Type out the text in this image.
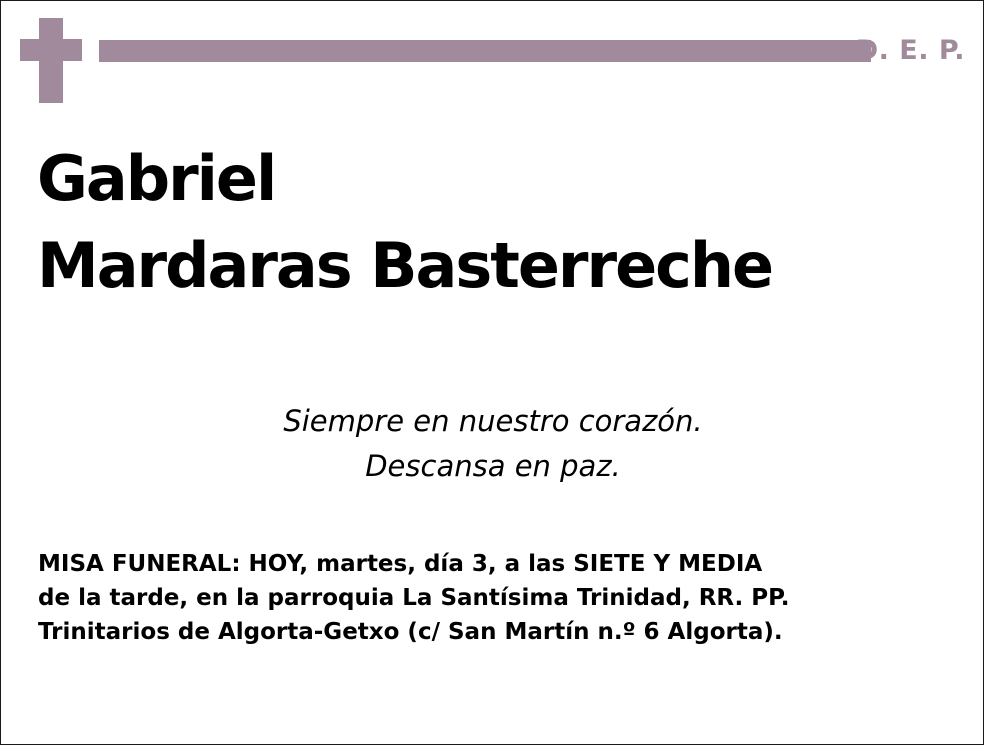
D. E. P.
Gabriel
Mardaras Basterreche
Siempre en nuestro corazón.
Descansa en paz.
MISA FUNERAL: HOY, martes, día 3, a las SIETE Y MEDIA
de la tarde, en la parroquia La Santísima Trinidad, RR. PP.
Trinitarios de Algorta-Getxo (c/ San Martín n.º 6 Algorta).
